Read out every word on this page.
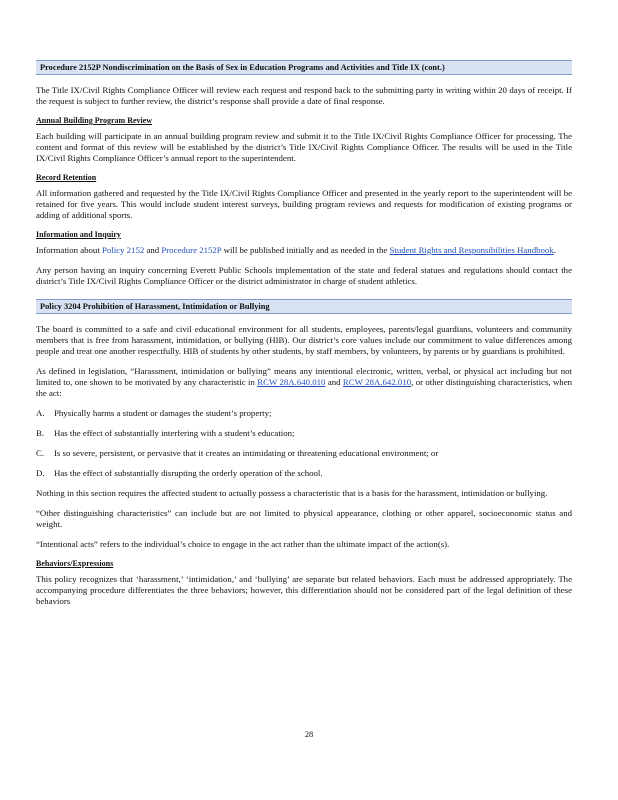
Procedure 2152P Nondiscrimination on the Basis of Sex in Education Programs and Activities and Title IX (cont.)

The Title IX/Civil Rights Compliance Officer will review each request and respond back to the submitting party in writing within 20 days of receipt. If the request is subject to further review, the district’s response shall provide a date of final response.

Annual Building Program Review

Each building will participate in an annual building program review and submit it to the Title IX/Civil Rights Compliance Officer for processing. The content and format of this review will be established by the district’s Title IX/Civil Rights Compliance Officer. The results will be used in the Title IX/Civil Rights Compliance Officer’s annual report to the superintendent.

Record Retention

All information gathered and requested by the Title IX/Civil Rights Compliance Officer and presented in the yearly report to the superintendent will be retained for five years. This would include student interest surveys, building program reviews and requests for modification of existing programs or adding of additional sports.

Information and Inquiry

Information about Policy 2152 and Procedure 2152P will be published initially and as needed in the Student Rights and Responsibilities Handbook.

Any person having an inquiry concerning Everett Public Schools implementation of the state and federal statues and regulations should contact the district’s Title IX/Civil Rights Compliance Officer or the district administrator in charge of student athletics.

Policy 3204 Prohibition of Harassment, Intimidation or Bullying

The board is committed to a safe and civil educational environment for all students, employees, parents/legal guardians, volunteers and community members that is free from harassment, intimidation, or bullying (HIB). Our district’s core values include our commitment to value differences among people and treat one another respectfully. HIB of students by other students, by staff members, by volunteers, by parents or by guardians is prohibited.

As defined in legislation, “Harassment, intimidation or bullying” means any intentional electronic, written, verbal, or physical act including but not limited to, one shown to be motivated by any characteristic in RCW 28A.640.010 and RCW 28A.642.010, or other distinguishing characteristics, when the act:

A.	Physically harms a student or damages the student’s property;
B.	Has the effect of substantially interfering with a student’s education;
C.	Is so severe, persistent, or pervasive that it creates an intimidating or threatening educational environment; or
D.	Has the effect of substantially disrupting the orderly operation of the school.

Nothing in this section requires the affected student to actually possess a characteristic that is a basis for the harassment, intimidation or bullying.

“Other distinguishing characteristics” can include but are not limited to physical appearance, clothing or other apparel, socioeconomic status and weight.

“Intentional acts” refers to the individual’s choice to engage in the act rather than the ultimate impact of the action(s).

Behaviors/Expressions

This policy recognizes that ‘harassment,’ ‘intimidation,’ and ‘bullying’ are separate but related behaviors. Each must be addressed appropriately. The accompanying procedure differentiates the three behaviors; however, this differentiation should not be considered part of the legal definition of these behaviors

28
